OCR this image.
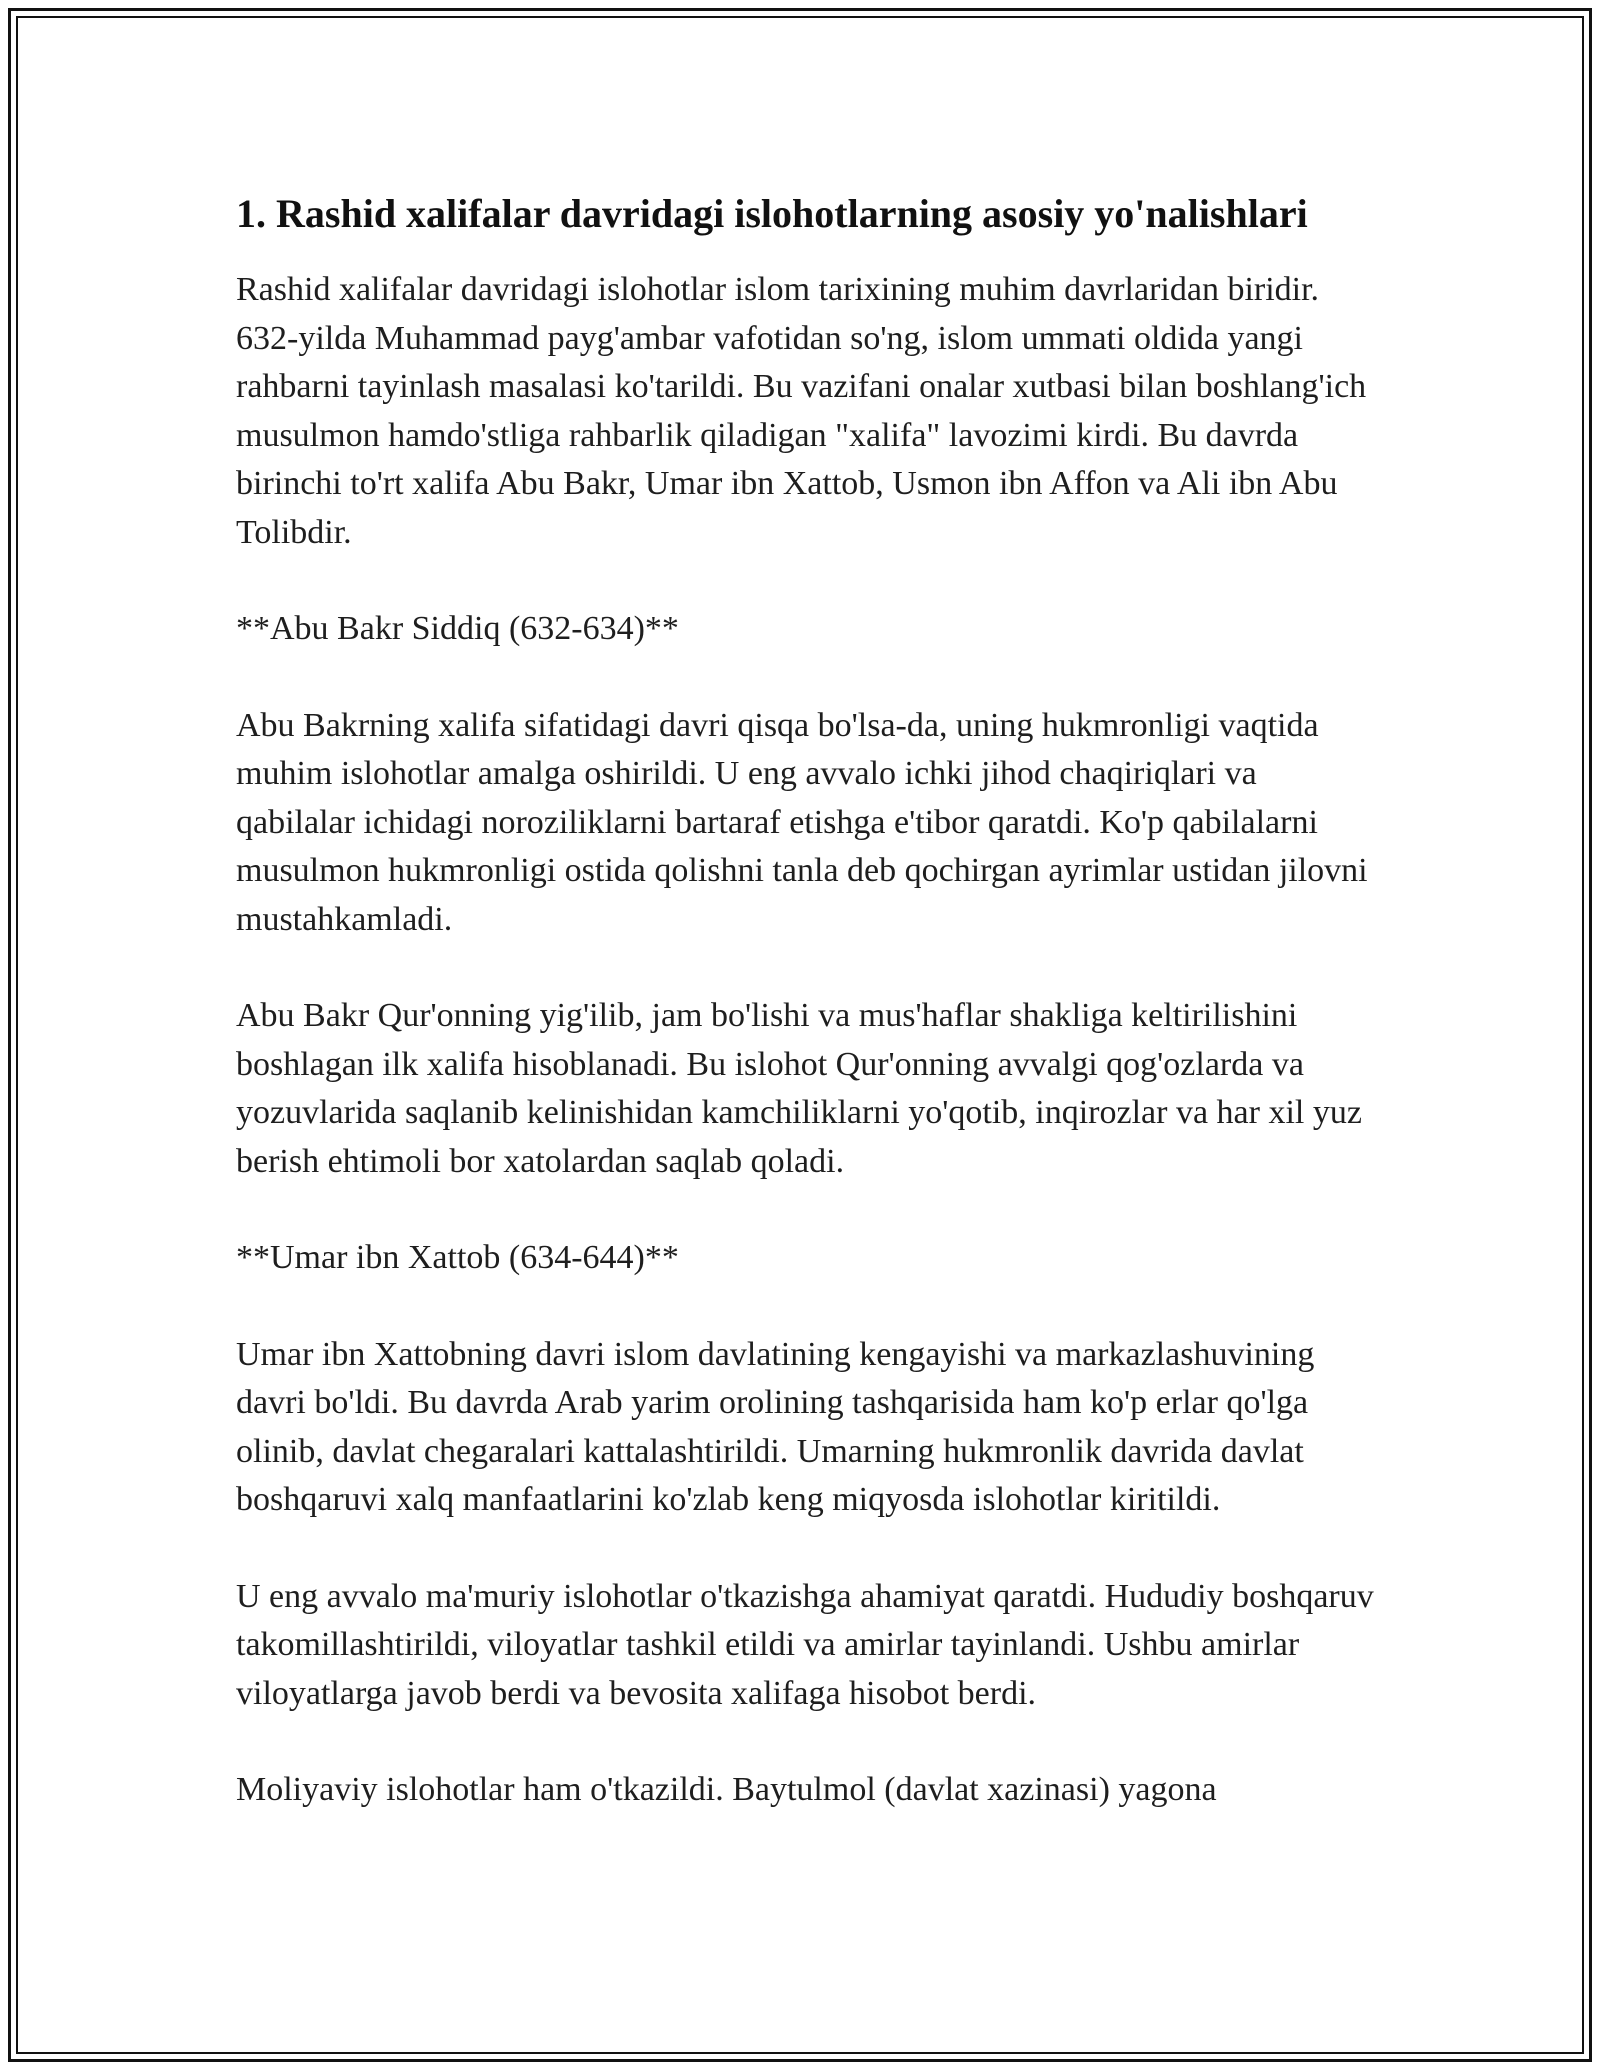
1. Rashid xalifalar davridagi islohotlarning asosiy yo'nalishlari

Rashid xalifalar davridagi islohotlar islom tarixining muhim davrlaridan biridir. 632-yilda Muhammad payg'ambar vafotidan so'ng, islom ummati oldida yangi rahbarni tayinlash masalasi ko'tarildi. Bu vazifani onalar xutbasi bilan boshlang'ich musulmon hamdo'stliga rahbarlik qiladigan "xalifa" lavozimi kirdi. Bu davrda birinchi to'rt xalifa Abu Bakr, Umar ibn Xattob, Usmon ibn Affon va Ali ibn Abu Tolibdir.

**Abu Bakr Siddiq (632-634)**

Abu Bakrning xalifa sifatidagi davri qisqa bo'lsa-da, uning hukmronligi vaqtida muhim islohotlar amalga oshirildi. U eng avvalo ichki jihod chaqiriqlari va qabilalar ichidagi noroziliklarni bartaraf etishga e'tibor qaratdi. Ko'p qabilalarni musulmon hukmronligi ostida qolishni tanla deb qochirgan ayrimlar ustidan jilovni mustahkamladi.

Abu Bakr Qur'onning yig'ilib, jam bo'lishi va mus'haflar shakliga keltirilishini boshlagan ilk xalifa hisoblanadi. Bu islohot Qur'onning avvalgi qog'ozlarda va yozuvlarida saqlanib kelinishidan kamchiliklarni yo'qotib, inqirozlar va har xil yuz berish ehtimoli bor xatolardan saqlab qoladi.

**Umar ibn Xattob (634-644)**

Umar ibn Xattobning davri islom davlatining kengayishi va markazlashuvining davri bo'ldi. Bu davrda Arab yarim orolining tashqarisida ham ko'p erlar qo'lga olinib, davlat chegaralari kattalashtirildi. Umarning hukmronlik davrida davlat boshqaruvi xalq manfaatlarini ko'zlab keng miqyosda islohotlar kiritildi.

U eng avvalo ma'muriy islohotlar o'tkazishga ahamiyat qaratdi. Hududiy boshqaruv takomillashtirildi, viloyatlar tashkil etildi va amirlar tayinlandi. Ushbu amirlar viloyatlarga javob berdi va bevosita xalifaga hisobot berdi.

Moliyaviy islohotlar ham o'tkazildi. Baytulmol (davlat xazinasi) yagona
